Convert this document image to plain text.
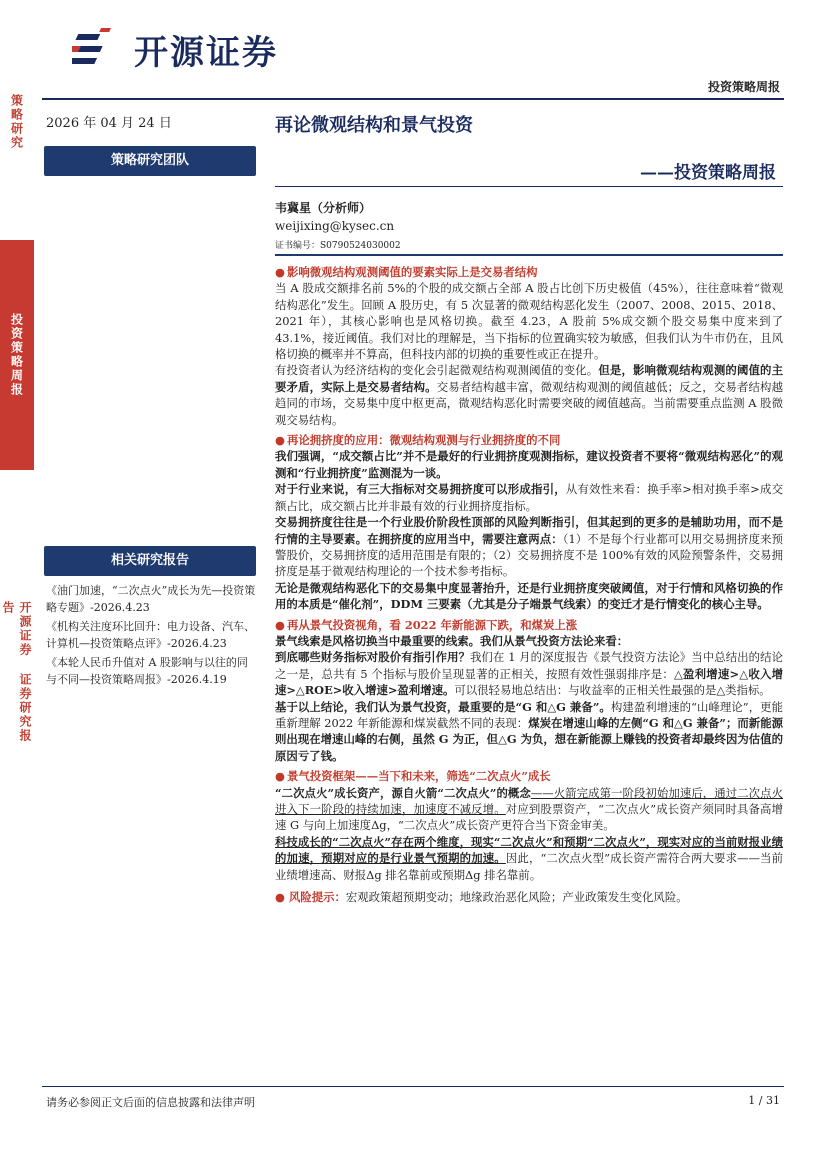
开源证券
投资策略周报
策略研究
投资策略周报
开源证券 证券研究报告
2026 年 04 月 24 日
策略研究团队
相关研究报告
《油门加速，“二次点火”成长为先—投资策略专题》-2026.4.23
《机构关注度环比回升：电力设备、汽车、计算机—投资策略点评》-2026.4.23
《本轮人民币升值对 A 股影响与以往的同与不同—投资策略周报》-2026.4.19
再论微观结构和景气投资
——投资策略周报
韦冀星（分析师）
weijixing@kysec.cn
证书编号：S0790524030002
● 影响微观结构观测阈值的要素实际上是交易者结构

当 A 股成交额排名前 5%的个股的成交额占全部 A 股占比创下历史极值（45%），往往意味着“微观结构恶化”发生。回顾 A 股历史，有 5 次显著的微观结构恶化发生（2007、2008、2015、2018、2021 年），其核心影响也是风格切换。截至 4.23，A 股前 5%成交额个股交易集中度来到了 43.1%，接近阈值。我们对比的理解是，当下指标的位置确实较为敏感，但我们认为牛市仍在，且风格切换的概率并不算高，但科技内部的切换的重要性或正在提升。

有投资者认为经济结构的变化会引起微观结构观测阈值的变化。但是，影响微观结构观测的阈值的主要矛盾，实际上是交易者结构。交易者结构越丰富，微观结构观测的阈值越低；反之，交易者结构越趋同的市场，交易集中度中枢更高，微观结构恶化时需要突破的阈值越高。当前需要重点监测 A 股微观交易结构。

● 再论拥挤度的应用：微观结构观测与行业拥挤度的不同

我们强调，“成交额占比”并不是最好的行业拥挤度观测指标，建议投资者不要将“微观结构恶化”的观测和“行业拥挤度”监测混为一谈。

对于行业来说，有三大指标对交易拥挤度可以形成指引，从有效性来看：换手率>相对换手率>成交额占比，成交额占比并非最有效的行业拥挤度指标。

交易拥挤度往往是一个行业股价阶段性顶部的风险判断指引，但其起到的更多的是辅助功用，而不是行情的主导要素。在拥挤度的应用当中，需要注意两点：（1）不是每个行业都可以用交易拥挤度来预警股价，交易拥挤度的适用范围是有限的；（2）交易拥挤度不是 100%有效的风险预警条件，交易拥挤度是基于微观结构理论的一个技术参考指标。

无论是微观结构恶化下的交易集中度显著抬升，还是行业拥挤度突破阈值，对于行情和风格切换的作用的本质是“催化剂”，DDM 三要素（尤其是分子端景气线索）的变迁才是行情变化的核心主导。

● 再从景气投资视角，看 2022 年新能源下跌，和煤炭上涨

景气线索是风格切换当中最重要的线索。我们从景气投资方法论来看：

到底哪些财务指标对股价有指引作用？我们在 1 月的深度报告《景气投资方法论》当中总结出的结论之一是，总共有 5 个指标与股价呈现显著的正相关，按照有效性强弱排序是：△盈利增速>△收入增速>△ROE>收入增速>盈利增速。可以很轻易地总结出：与收益率的正相关性最强的是△类指标。

基于以上结论，我们认为景气投资，最重要的是“G 和△G 兼备”。构建盈利增速的“山峰理论”，更能重新理解 2022 年新能源和煤炭截然不同的表现：煤炭在增速山峰的左侧“G 和△G 兼备”；而新能源则出现在增速山峰的右侧，虽然 G 为正，但△G 为负，想在新能源上赚钱的投资者却最终因为估值的原因亏了钱。

● 景气投资框架——当下和未来，筛选“二次点火”成长

“二次点火”成长资产，源自火箭“二次点火”的概念——火箭完成第一阶段初始加速后，通过二次点火进入下一阶段的持续加速，加速度不减反增。对应到股票资产，“二次点火”成长资产须同时具备高增速 G 与向上加速度Δg，“二次点火”成长资产更符合当下资金审美。

科技成长的“二次点火”存在两个维度，现实“二次点火”和预期“二次点火”，现实对应的当前财报业绩的加速，预期对应的是行业景气预期的加速。因此，“二次点火型”成长资产需符合两大要求——当前业绩增速高、财报Δg 排名靠前或预期Δg 排名靠前。

● 风险提示：宏观政策超预期变动；地缘政治恶化风险；产业政策发生变化风险。

请务必参阅正文后面的信息披露和法律声明	1 / 31
